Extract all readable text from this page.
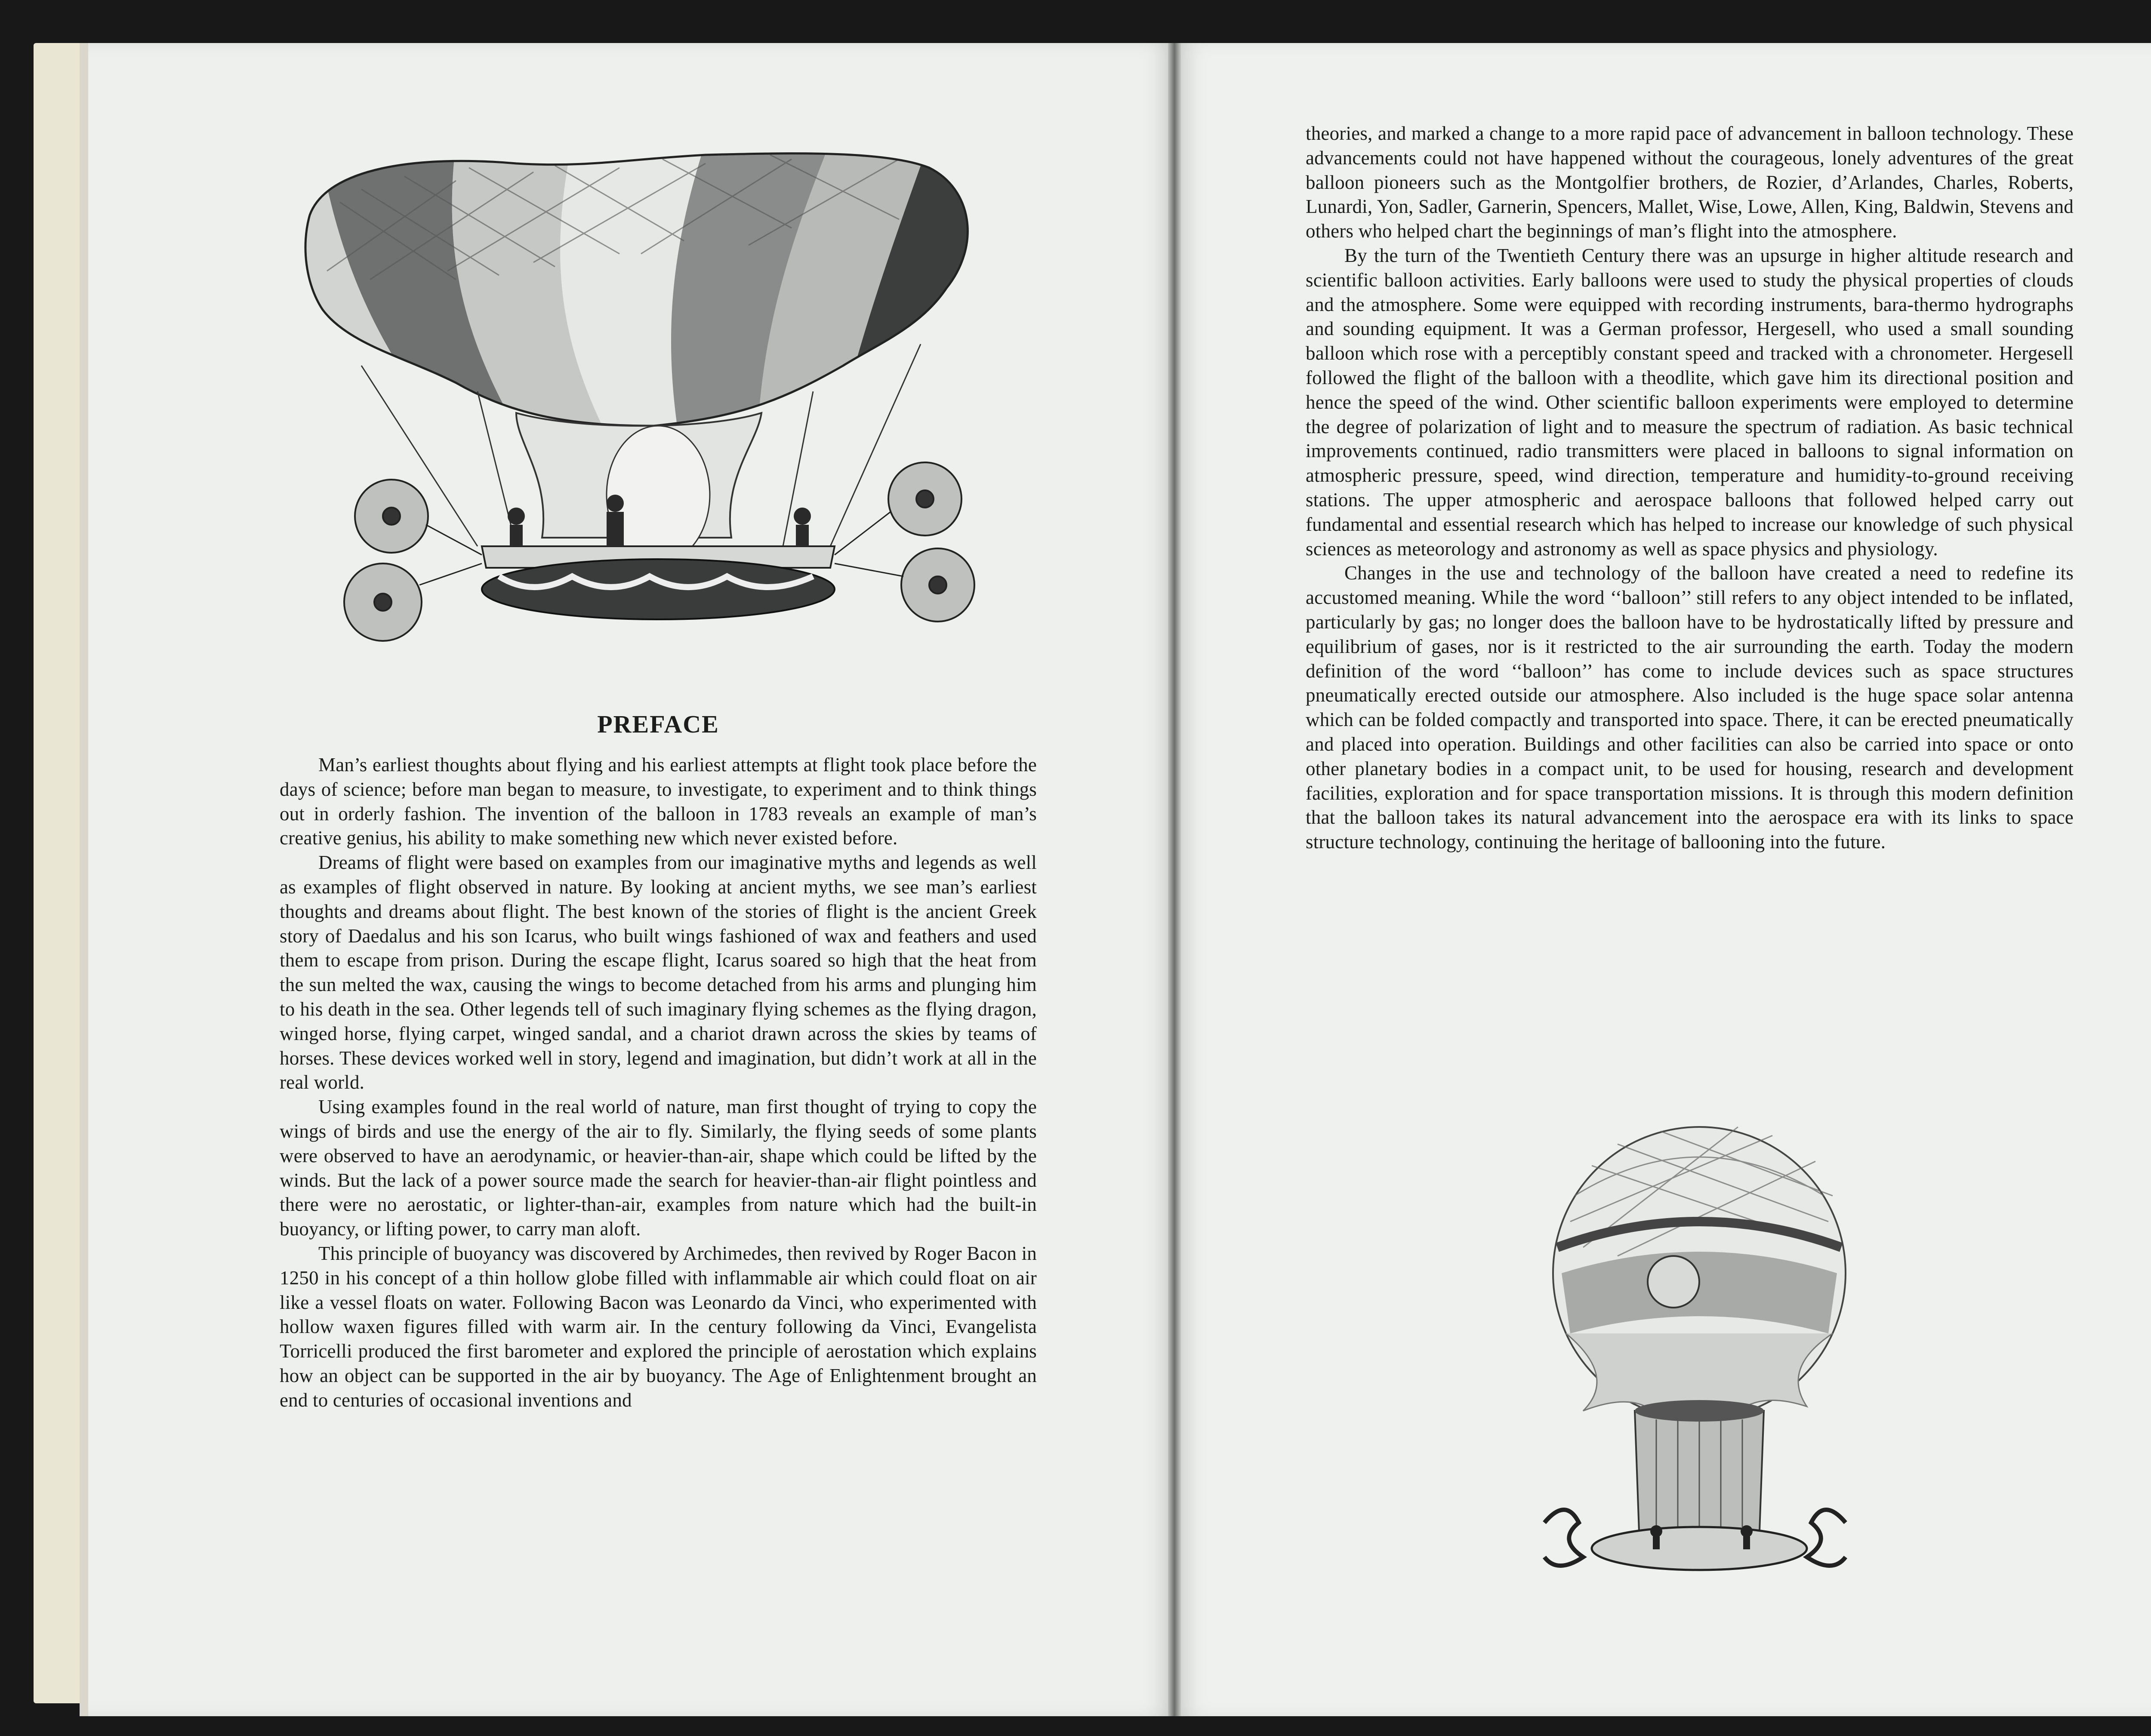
PREFACE

Man’s earliest thoughts about flying and his earliest attempts at flight took place before the days of science; before man began to measure, to investigate, to experiment and to think things out in orderly fashion. The invention of the balloon in 1783 reveals an example of man’s creative genius, his ability to make something new which never existed before.

Dreams of flight were based on examples from our imaginative myths and legends as well as examples of flight observed in nature. By looking at ancient myths, we see man’s earliest thoughts and dreams about flight. The best known of the stories of flight is the ancient Greek story of Daedalus and his son Icarus, who built wings fashioned of wax and feathers and used them to escape from prison. During the escape flight, Icarus soared so high that the heat from the sun melted the wax, causing the wings to become detached from his arms and plunging him to his death in the sea. Other legends tell of such imaginary flying schemes as the flying dragon, winged horse, flying carpet, winged sandal, and a chariot drawn across the skies by teams of horses. These devices worked well in story, legend and imagination, but didn’t work at all in the real world.

Using examples found in the real world of nature, man first thought of trying to copy the wings of birds and use the energy of the air to fly. Similarly, the flying seeds of some plants were observed to have an aerodynamic, or heavier-than-air, shape which could be lifted by the winds. But the lack of a power source made the search for heavier-than-air flight pointless and there were no aerostatic, or lighter-than-air, examples from nature which had the built-in buoyancy, or lifting power, to carry man aloft.

This principle of buoyancy was discovered by Archimedes, then revived by Roger Bacon in 1250 in his concept of a thin hollow globe filled with inflammable air which could float on air like a vessel floats on water. Following Bacon was Leonardo da Vinci, who experimented with hollow waxen figures filled with warm air. In the century following da Vinci, Evangelista Torricelli produced the first barometer and explored the principle of aerostation which explains how an object can be supported in the air by buoyancy. The Age of Enlightenment brought an end to centuries of occasional inventions and

theories, and marked a change to a more rapid pace of advancement in balloon technology. These advancements could not have happened without the courageous, lonely adventures of the great balloon pioneers such as the Montgolfier brothers, de Rozier, d’Arlandes, Charles, Roberts, Lunardi, Yon, Sadler, Garnerin, Spencers, Mallet, Wise, Lowe, Allen, King, Baldwin, Stevens and others who helped chart the beginnings of man’s flight into the atmosphere.

By the turn of the Twentieth Century there was an upsurge in higher altitude research and scientific balloon activities. Early balloons were used to study the physical properties of clouds and the atmosphere. Some were equipped with recording instruments, bara-thermo hydrographs and sounding equipment. It was a German professor, Hergesell, who used a small sounding balloon which rose with a perceptibly constant speed and tracked with a chronometer. Hergesell followed the flight of the balloon with a theodlite, which gave him its directional position and hence the speed of the wind. Other scientific balloon experiments were employed to determine the degree of polarization of light and to measure the spectrum of radiation. As basic technical improvements continued, radio transmitters were placed in balloons to signal information on atmospheric pressure, speed, wind direction, temperature and humidity-to-ground receiving stations. The upper atmospheric and aerospace balloons that followed helped carry out fundamental and essential research which has helped to increase our knowledge of such physical sciences as meteorology and astronomy as well as space physics and physiology.

Changes in the use and technology of the balloon have created a need to redefine its accustomed meaning. While the word ‘‘balloon’’ still refers to any object intended to be inflated, particularly by gas; no longer does the balloon have to be hydrostatically lifted by pressure and equilibrium of gases, nor is it restricted to the air surrounding the earth. Today the modern definition of the word ‘‘balloon’’ has come to include devices such as space structures pneumatically erected outside our atmosphere. Also included is the huge space solar antenna which can be folded compactly and transported into space. There, it can be erected pneumatically and placed into operation. Buildings and other facilities can also be carried into space or onto other planetary bodies in a compact unit, to be used for housing, research and development facilities, exploration and for space transportation missions. It is through this modern definition that the balloon takes its natural advancement into the aerospace era with its links to space structure technology, continuing the heritage of ballooning into the future.
